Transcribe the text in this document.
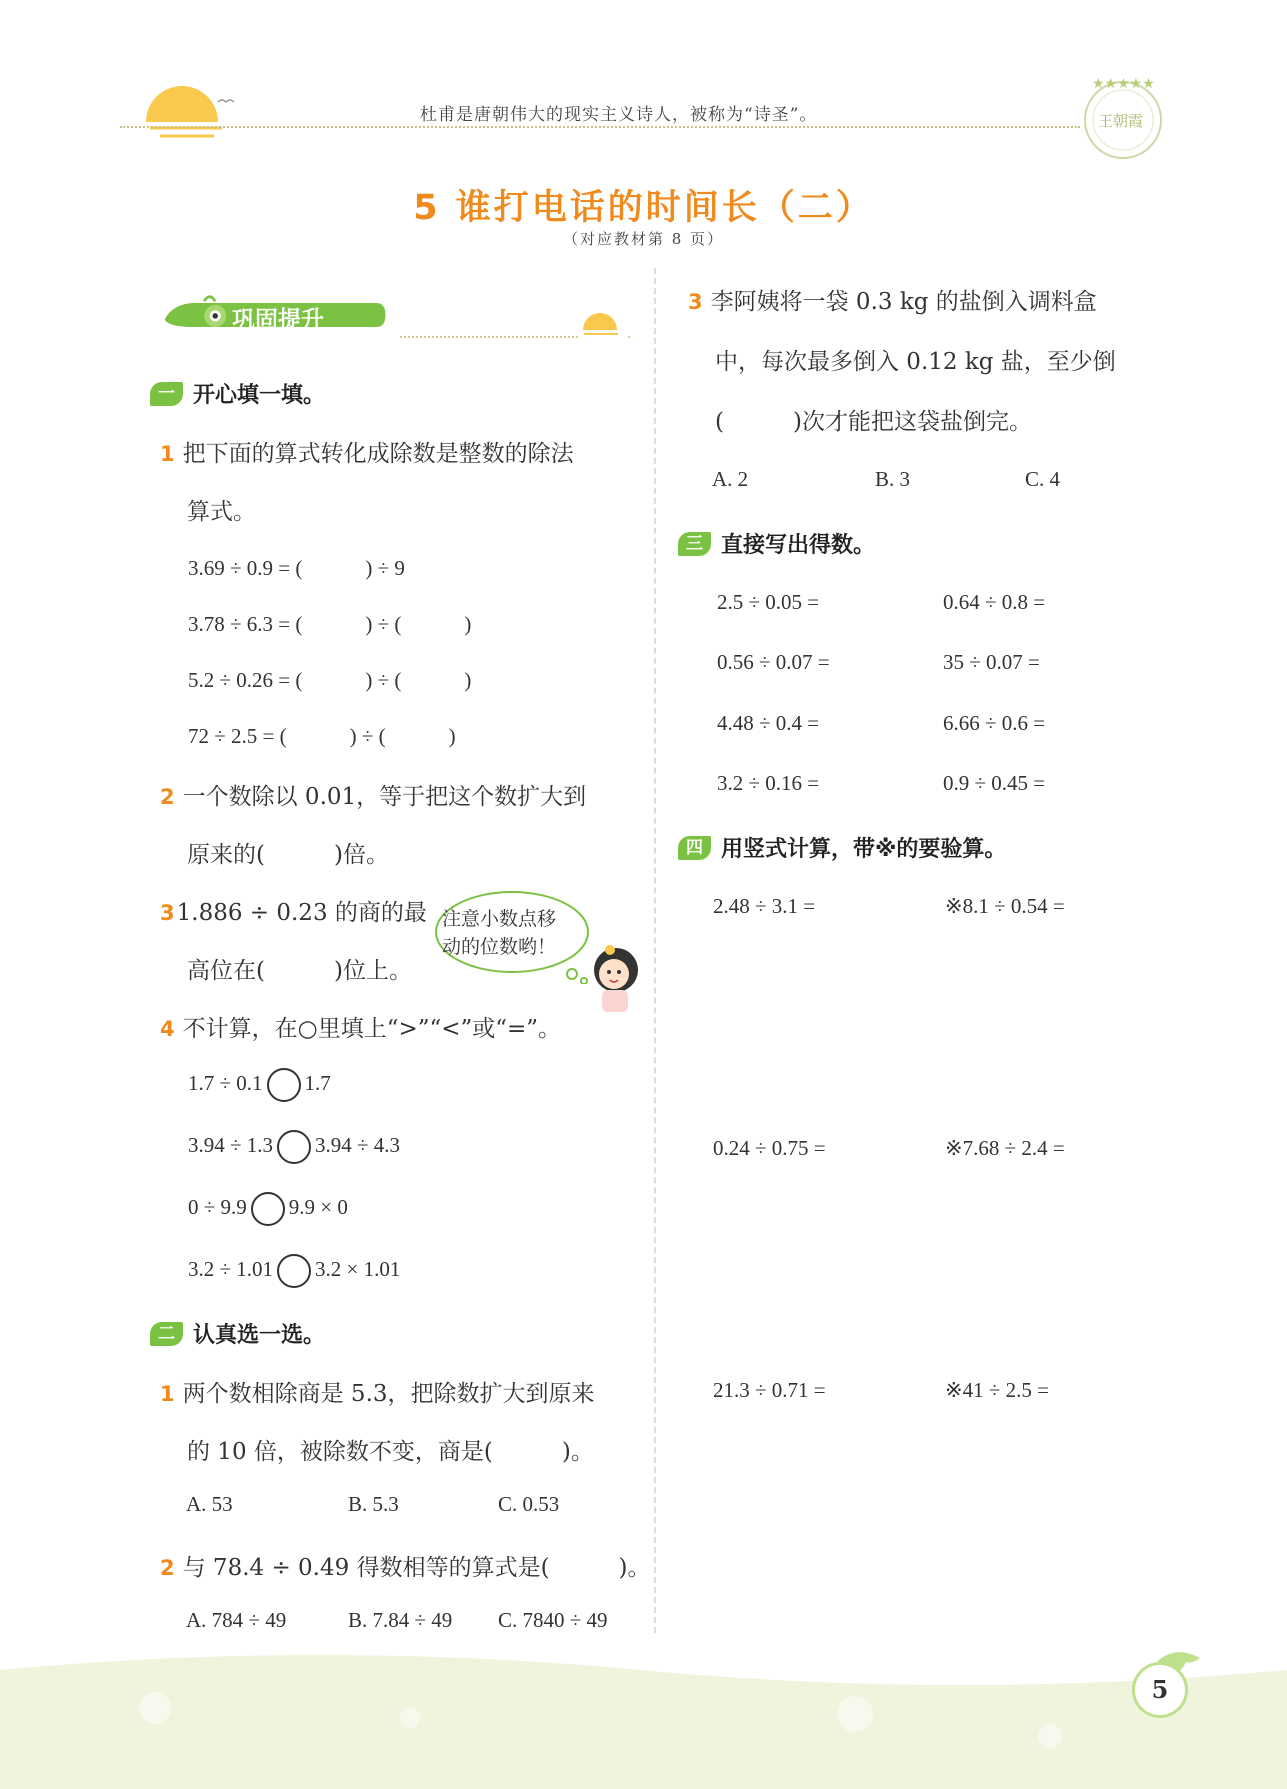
杜甫是唐朝伟大的现实主义诗人，被称为“诗圣”。
★★★★★
王朝霞
5 谁打电话的时间长（二）
（对应教材第 8 页）
巩固提升
一 开心填一填。
1 把下面的算式转化成除数是整数的除法
算式。
3.69 ÷ 0.9 = (　　　) ÷ 9
3.78 ÷ 6.3 = (　　　) ÷ (　　　)
5.2 ÷ 0.26 = (　　　) ÷ (　　　)
72 ÷ 2.5 = (　　　) ÷ (　　　)
2 一个数除以 0.01，等于把这个数扩大到
原来的(　　　)倍。
31.886 ÷ 0.23 的商的最
高位在(　　　)位上。
注意小数点移
动的位数哟！
4 不计算，在○里填上“>”“<”或“=”。
1.7 ÷ 0.1 1.7
3.94 ÷ 1.3 3.94 ÷ 4.3
0 ÷ 9.9 9.9 × 0
3.2 ÷ 1.01 3.2 × 1.01
二 认真选一选。
1 两个数相除商是 5.3，把除数扩大到原来
的 10 倍，被除数不变，商是(　　　)。
A. 53	B. 5.3	C. 0.53
2 与 78.4 ÷ 0.49 得数相等的算式是(　　　)。
A. 784 ÷ 49	B. 7.84 ÷ 49 C. 7840 ÷ 49
3 李阿姨将一袋 0.3 kg 的盐倒入调料盒
中，每次最多倒入 0.12 kg 盐，至少倒
(　　　)次才能把这袋盐倒完。
A. 2	B. 3	C. 4
三 直接写出得数。
2.5 ÷ 0.05 =	0.64 ÷ 0.8 =
0.56 ÷ 0.07 =	35 ÷ 0.07 =
4.48 ÷ 0.4 =	6.66 ÷ 0.6 =
3.2 ÷ 0.16 =	0.9 ÷ 0.45 =
四 用竖式计算，带※的要验算。
2.48 ÷ 3.1 =	※8.1 ÷ 0.54 =
0.24 ÷ 0.75 =	※7.68 ÷ 2.4 =
21.3 ÷ 0.71 =	※41 ÷ 2.5 =
5
